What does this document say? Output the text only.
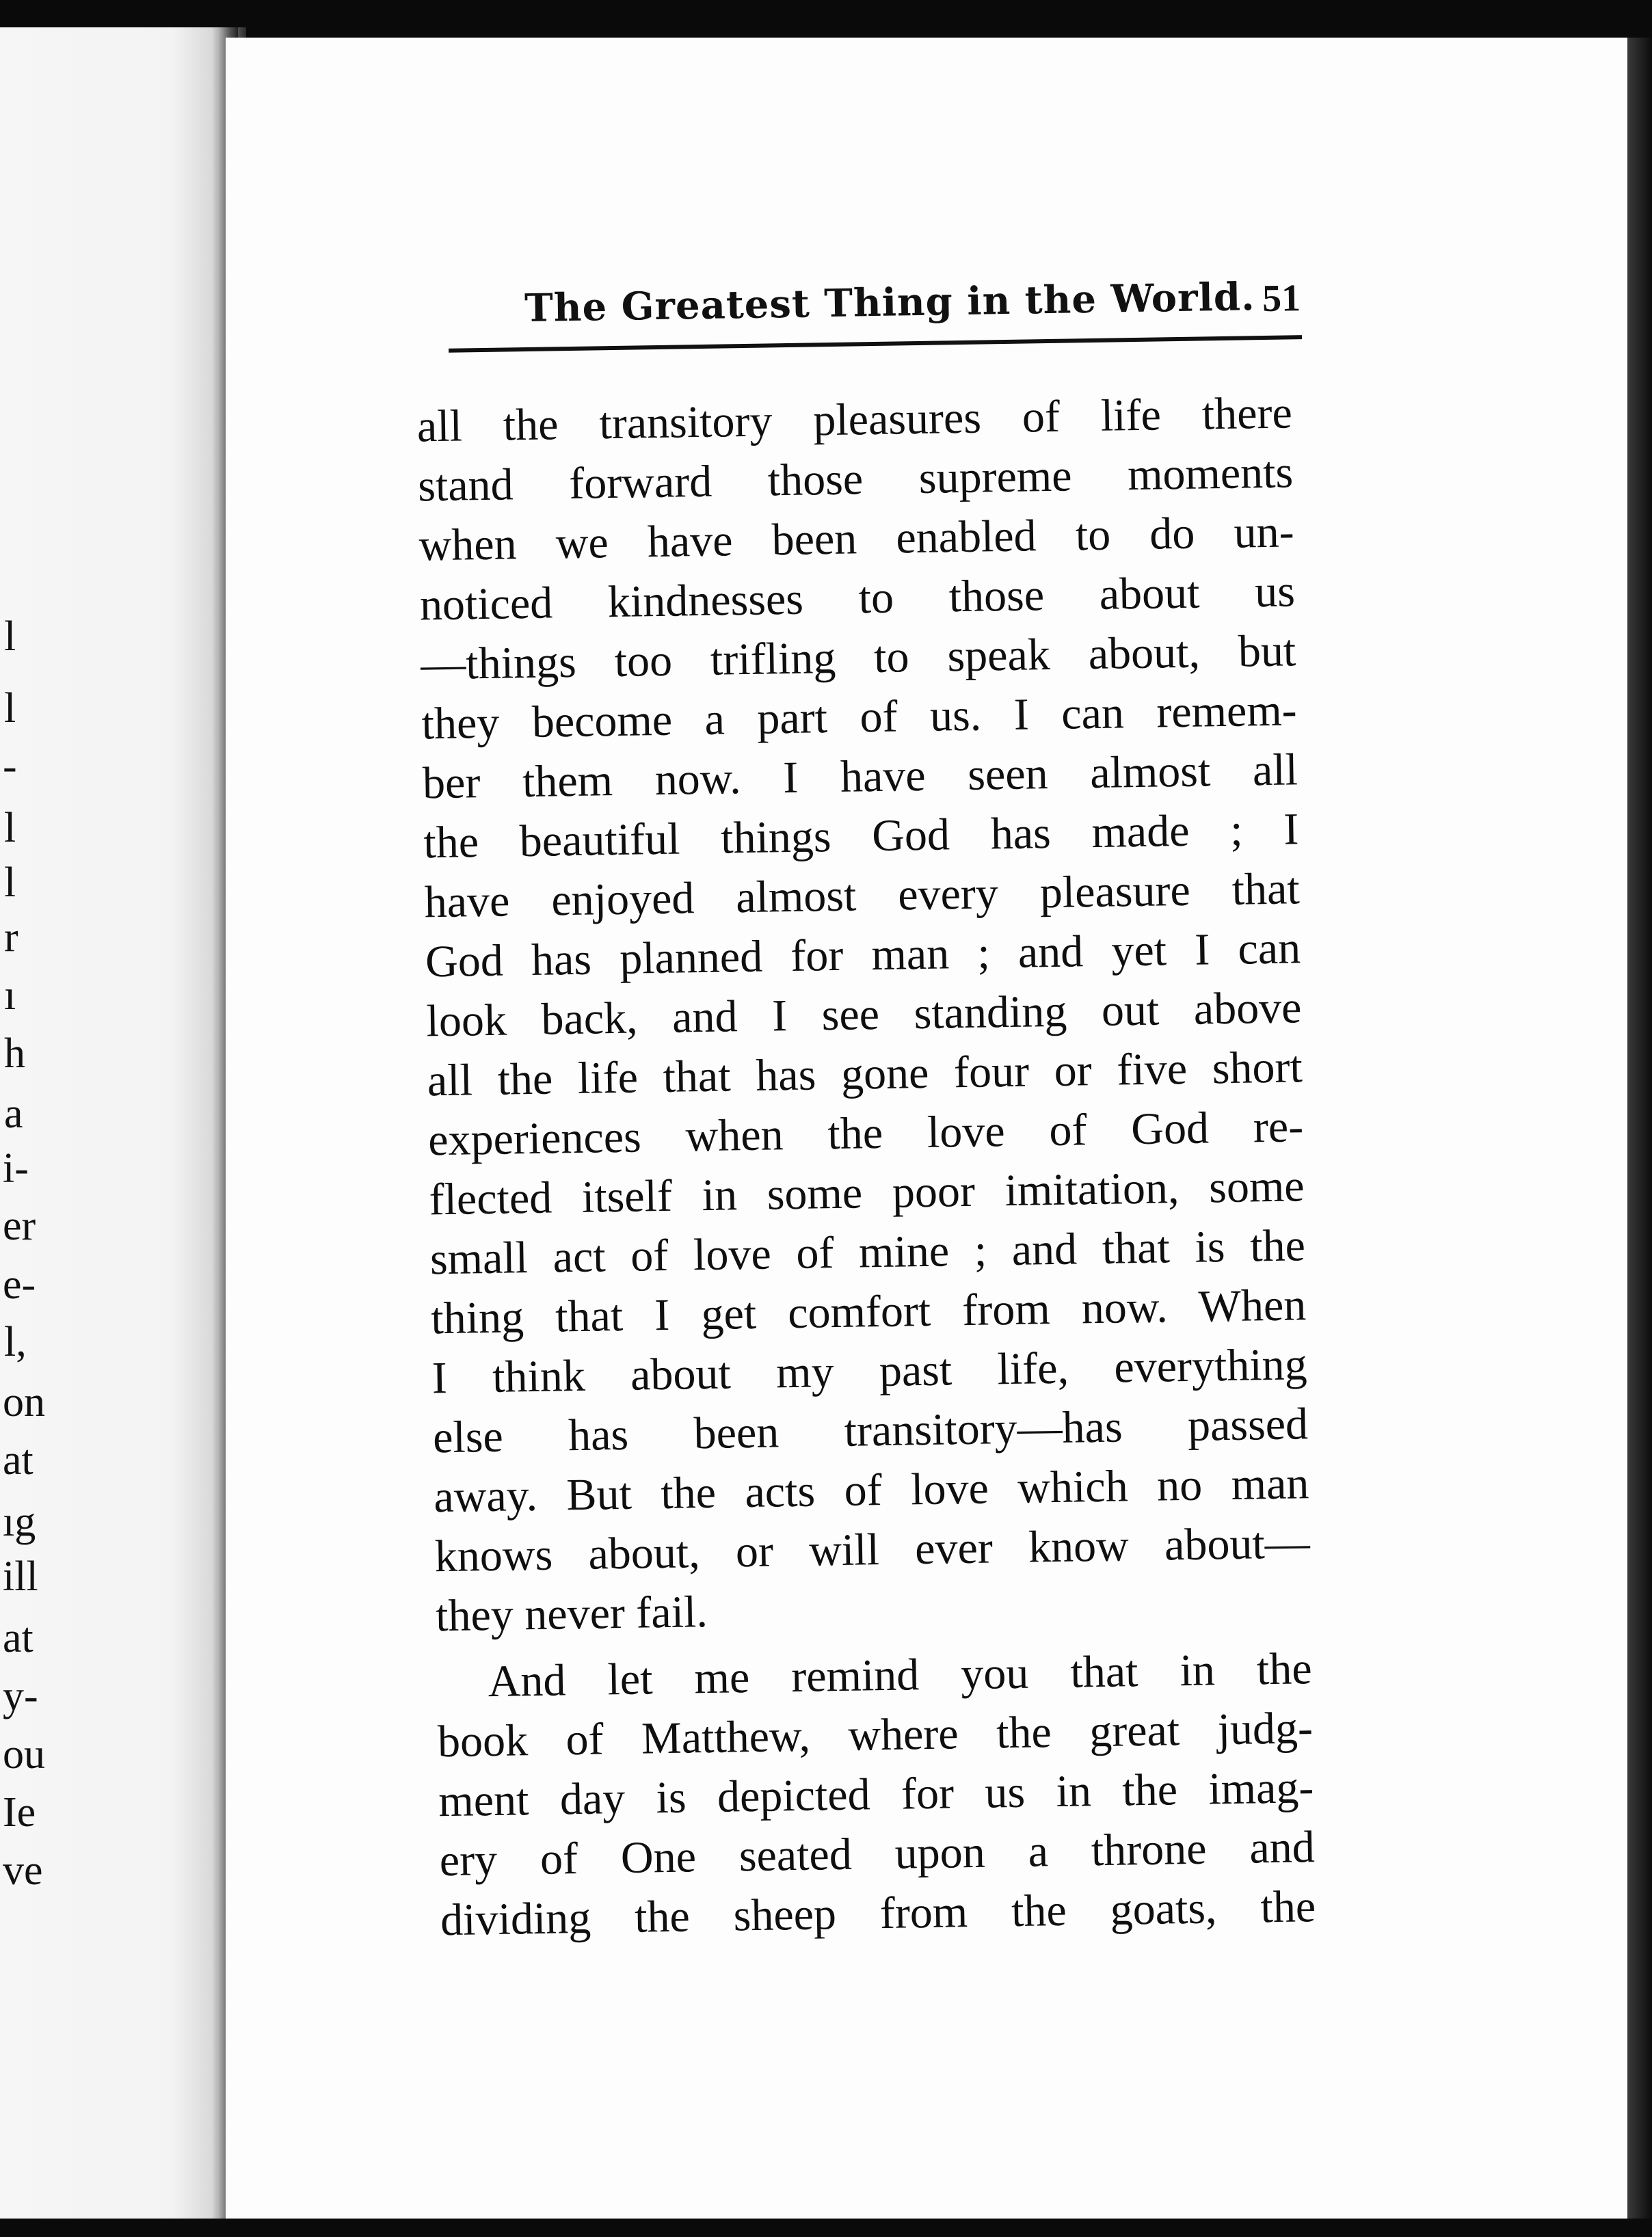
l
l
-
l
l
r
ı
h
a
i-
er
e-
l,
on
at
ıg
ill
at
y-
ou
Ie
ve
The Greatest Thing in the World. 51
all the transitory pleasures of life there
stand forward those supreme moments
when we have been enabled to do un-
noticed kindnesses to those about us
—things too trifling to speak about, but
they become a part of us. I can remem-
ber them now. I have seen almost all
the beautiful things God has made ; I
have enjoyed almost every pleasure that
God has planned for man ; and yet I can
look back, and I see standing out above
all the life that has gone four or five short
experiences when the love of God re-
flected itself in some poor imitation, some
small act of love of mine ; and that is the
thing that I get comfort from now. When
I think about my past life, everything
else has been transitory—has passed
away. But the acts of love which no man
knows about, or will ever know about—
they never fail.
And let me remind you that in the
book of Matthew, where the great judg-
ment day is depicted for us in the imag-
ery of One seated upon a throne and
dividing the sheep from the goats, the
